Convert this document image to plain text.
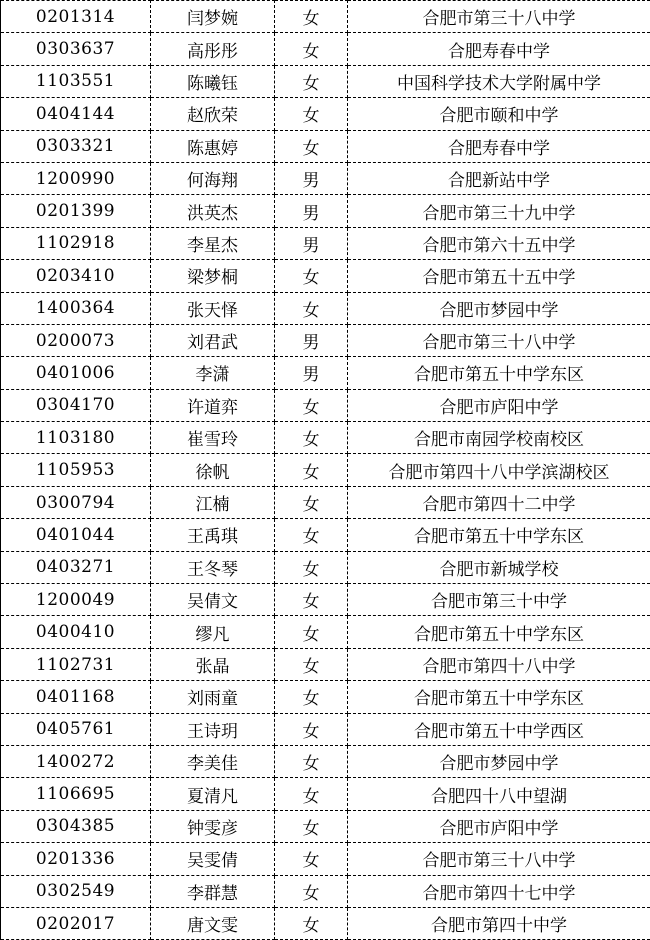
0201314	闫梦婉	女	合肥市第三十八中学
0303637	高彤彤	女	合肥寿春中学
1103551	陈曦钰	女	中国科学技术大学附属中学
0404144	赵欣荣	女	合肥市颐和中学
0303321	陈惠婷	女	合肥寿春中学
1200990	何海翔	男	合肥新站中学
0201399	洪英杰	男	合肥市第三十九中学
1102918	李星杰	男	合肥市第六十五中学
0203410	梁梦桐	女	合肥市第五十五中学
1400364	张天怿	女	合肥市梦园中学
0200073	刘君武	男	合肥市第三十八中学
0401006	李潇	男	合肥市第五十中学东区
0304170	许道弈	女	合肥市庐阳中学
1103180	崔雪玲	女	合肥市南园学校南校区
1105953	徐帆	女	合肥市第四十八中学滨湖校区
0300794	江楠	女	合肥市第四十二中学
0401044	王禹琪	女	合肥市第五十中学东区
0403271	王冬琴	女	合肥市新城学校
1200049	吴倩文	女	合肥市第三十中学
0400410	缪凡	女	合肥市第五十中学东区
1102731	张晶	女	合肥市第四十八中学
0401168	刘雨童	女	合肥市第五十中学东区
0405761	王诗玥	女	合肥市第五十中学西区
1400272	李美佳	女	合肥市梦园中学
1106695	夏清凡	女	合肥四十八中望湖
0304385	钟雯彦	女	合肥市庐阳中学
0201336	吴雯倩	女	合肥市第三十八中学
0302549	李群慧	女	合肥市第四十七中学
0202017	唐文雯	女	合肥市第四十中学
